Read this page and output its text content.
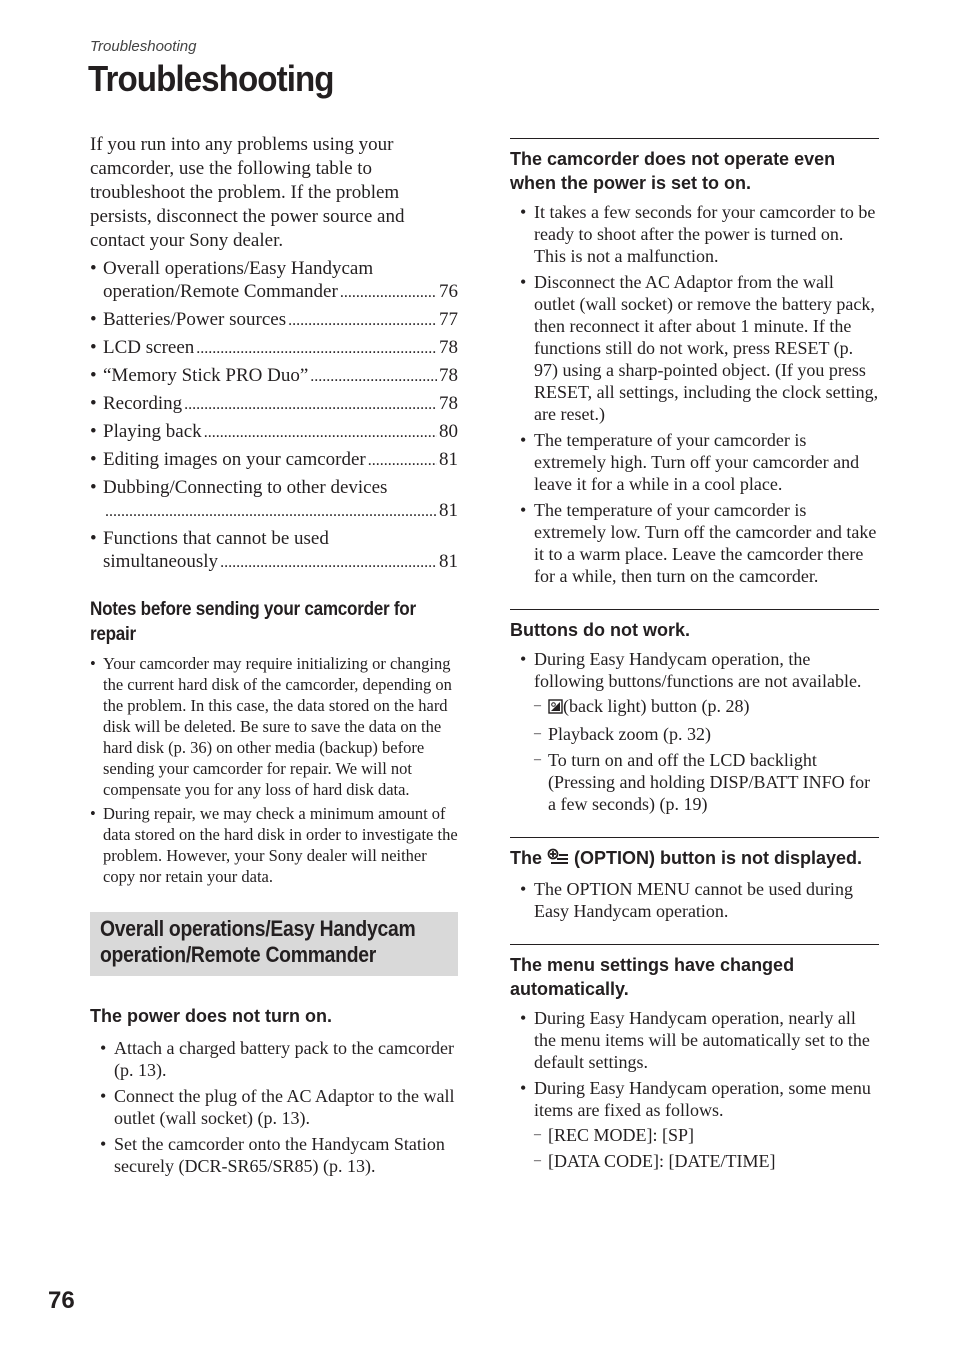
Troubleshooting
Troubleshooting

If you run into any problems using your camcorder, use the following table to troubleshoot the problem. If the problem persists, disconnect the power source and contact your Sony dealer.

• Overall operations/Easy Handycam
operation/Remote Commander .....	76
• Batteries/Power sources .....	77
• LCD screen .....	78
• “Memory Stick PRO Duo” .....	78
• Recording .....	78
• Playing back .....	80
• Editing images on your camcorder .....	81
• Dubbing/Connecting to other devices
.....
81
• Functions that cannot be used
simultaneously .....	81
Notes before sending your camcorder for repair
• Your camcorder may require initializing or changing the current hard disk of the camcorder, depending on the problem. In this case, the data stored on the hard disk will be deleted. Be sure to save the data on the hard disk (p. 36) on other media (backup) before sending your camcorder for repair. We will not compensate you for any loss of hard disk data.
• During repair, we may check a minimum amount of data stored on the hard disk in order to investigate the problem. However, your Sony dealer will neither copy nor retain your data.
Overall operations/Easy Handycam
operation/Remote Commander
The power does not turn on.
• Attach a charged battery pack to the camcorder (p. 13).
• Connect the plug of the AC Adaptor to the wall outlet (wall socket) (p. 13).
• Set the camcorder onto the Handycam Station securely (DCR-SR65/SR85) (p. 13).
The camcorder does not operate even when the power is set to on.
• It takes a few seconds for your camcorder to be ready to shoot after the power is turned on. This is not a malfunction.
• Disconnect the AC Adaptor from the wall outlet (wall socket) or remove the battery pack, then reconnect it after about 1 minute. If the functions still do not work, press RESET (p. 97) using a sharp-pointed object. (If you press RESET, all settings, including the clock setting, are reset.)
• The temperature of your camcorder is extremely high. Turn off your camcorder and leave it for a while in a cool place.
• The temperature of your camcorder is extremely low. Turn off the camcorder and take it to a warm place. Leave the camcorder there for a while, then turn on the camcorder.
Buttons do not work.
• During Easy Handycam operation, the following buttons/functions are not available.
– (back light) button (p. 28)
– Playback zoom (p. 32)
– To turn on and off the LCD backlight (Pressing and holding DISP/BATT INFO for a few seconds) (p. 19)
The (OPTION) button is not displayed.
• The OPTION MENU cannot be used during Easy Handycam operation.
The menu settings have changed automatically.
• During Easy Handycam operation, nearly all the menu items will be automatically set to the default settings.
• During Easy Handycam operation, some menu items are fixed as follows.
– [REC MODE]: [SP]
– [DATA CODE]: [DATE/TIME]
76
